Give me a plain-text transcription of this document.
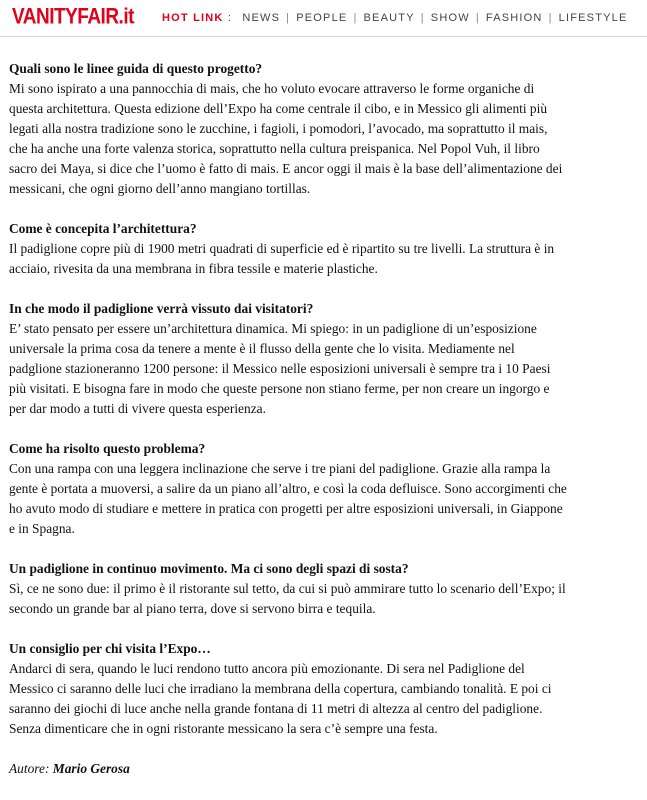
VANITYFAIR.it	HOT LINK : NEWS | PEOPLE | BEAUTY | SHOW | FASHION | LIFESTYLE

Quali sono le linee guida di questo progetto?

Mi sono ispirato a una pannocchia di mais, che ho voluto evocare attraverso le forme organiche di questa architettura. Questa edizione dell’Expo ha come centrale il cibo, e in Messico gli alimenti più legati alla nostra tradizione sono le zucchine, i fagioli, i pomodori, l’avocado, ma soprattutto il mais, che ha anche una forte valenza storica, soprattutto nella cultura preispanica. Nel Popol Vuh, il libro sacro dei Maya, si dice che l’uomo è fatto di mais. E ancor oggi il mais è la base dell’alimentazione dei messicani, che ogni giorno dell’anno mangiano tortillas.

Come è concepita l’architettura?

Il padiglione copre più di 1900 metri quadrati di superficie ed è ripartito su tre livelli. La struttura è in acciaio, rivesita da una membrana in fibra tessile e materie plastiche.

In che modo il padiglione verrà vissuto dai visitatori?

E’ stato pensato per essere un’architettura dinamica. Mi spiego: in un padiglione di un’esposizione universale la prima cosa da tenere a mente è il flusso della gente che lo visita. Mediamente nel padglione stazioneranno 1200 persone: il Messico nelle esposizioni universali è sempre tra i 10 Paesi più visitati. E bisogna fare in modo che queste persone non stiano ferme, per non creare un ingorgo e per dar modo a tutti di vivere questa esperienza.

Come ha risolto questo problema?

Con una rampa con una leggera inclinazione che serve i tre piani del padiglione. Grazie alla rampa la gente è portata a muoversi, a salire da un piano all’altro, e così la coda defluisce. Sono accorgimenti che ho avuto modo di studiare e mettere in pratica con progetti per altre esposizioni universali, in Giappone e in Spagna.

Un padiglione in continuo movimento. Ma ci sono degli spazi di sosta?

Sì, ce ne sono due: il primo è il ristorante sul tetto, da cui si può ammirare tutto lo scenario dell’Expo; il secondo un grande bar al piano terra, dove si servono birra e tequila.

Un consiglio per chi visita l’Expo…

Andarci di sera, quando le luci rendono tutto ancora più emozionante. Di sera nel Padiglione del Messico ci saranno delle luci che irradiano la membrana della copertura, cambiando tonalità. E poi ci saranno dei giochi di luce anche nella grande fontana di 11 metri di altezza al centro del padiglione. Senza dimenticare che in ogni ristorante messicano la sera c’è sempre una festa.

Autore: Mario Gerosa
